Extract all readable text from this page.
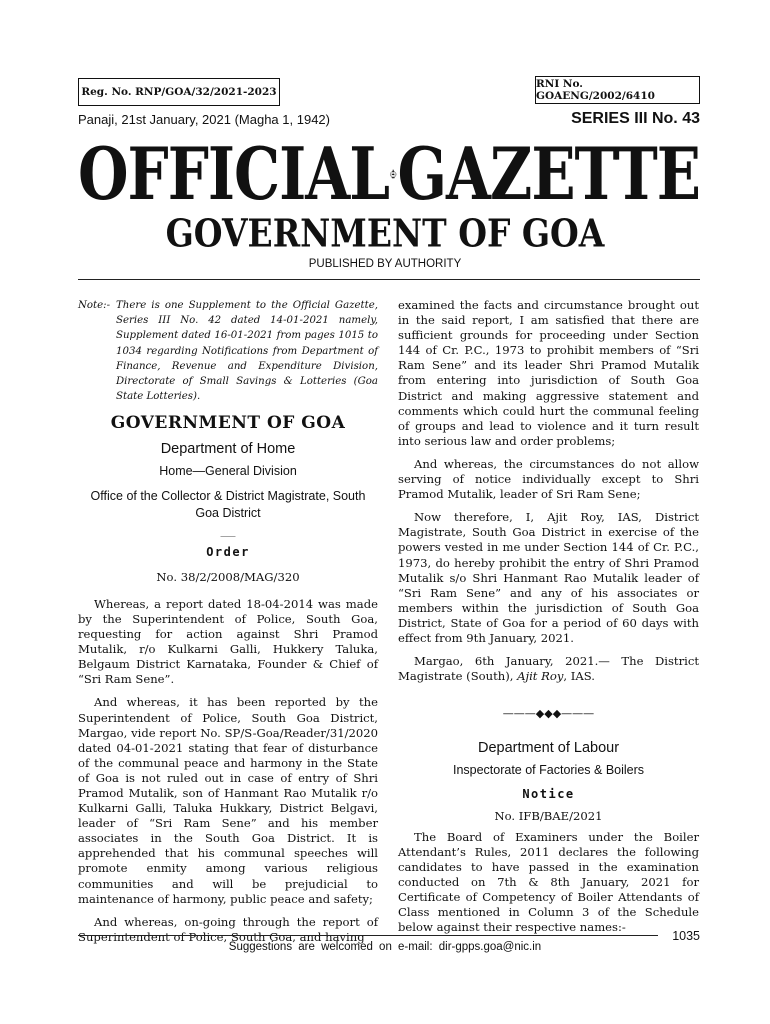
Reg. No. RNP/GOA/32/2021-2023
RNI No. GOAENG/2002/6410
Panaji, 21st January, 2021 (Magha 1, 1942)	SERIES III No. 43
OFFICIAL GAZETTE
GOVERNMENT OF GOA
PUBLISHED BY AUTHORITY
Note:- There is one Supplement to the Official Gazette, Series III No. 42 dated 14-01-2021 namely, Supplement dated 16-01-2021 from pages 1015 to 1034 regarding Notifications from Department of Finance, Revenue and Expenditure Division, Directorate of Small Savings & Lotteries (Goa State Lotteries).
GOVERNMENT OF GOA
Department of Home
Home—General Division
Office of the Collector & District Magistrate, South Goa District
___
Order
No. 38/2/2008/MAG/320

Whereas, a report dated 18-04-2014 was made by the Superintendent of Police, South Goa, requesting for action against Shri Pramod Mutalik, r/o Kulkarni Galli, Hukkery Taluka, Belgaum District Karnataka, Founder & Chief of “Sri Ram Sene”.

And whereas, it has been reported by the Superintendent of Police, South Goa District, Margao, vide report No. SP/S-Goa/Reader/31/2020 dated 04-01-2021 stating that fear of disturbance of the communal peace and harmony in the State of Goa is not ruled out in case of entry of Shri Pramod Mutalik, son of Hanmant Rao Mutalik r/o Kulkarni Galli, Taluka Hukkary, District Belgavi, leader of “Sri Ram Sene” and his member associates in the South Goa District. It is apprehended that his communal speeches will promote enmity among various religious communities and will be prejudicial to maintenance of harmony, public peace and safety;

And whereas, on-going through the report of Superintendent of Police, South Goa, and having

examined the facts and circumstance brought out in the said report, I am satisfied that there are sufficient grounds for proceeding under Section 144 of Cr. P.C., 1973 to prohibit members of “Sri Ram Sene” and its leader Shri Pramod Mutalik from entering into jurisdiction of South Goa District and making aggressive statement and comments which could hurt the communal feeling of groups and lead to violence and it turn result into serious law and order problems;

And whereas, the circumstances do not allow serving of notice individually except to Shri Pramod Mutalik, leader of Sri Ram Sene;

Now therefore, I, Ajit Roy, IAS, District Magistrate, South Goa District in exercise of the powers vested in me under Section 144 of Cr. P.C., 1973, do hereby prohibit the entry of Shri Pramod Mutalik s/o Shri Hanmant Rao Mutalik leader of “Sri Ram Sene” and any of his associates or members within the jurisdiction of South Goa District, State of Goa for a period of 60 days with effect from 9th January, 2021.

Margao, 6th January, 2021.— The District Magistrate (South), Ajit Roy, IAS.

———◆◆◆———
Department of Labour
Inspectorate of Factories & Boilers
Notice
No. IFB/BAE/2021

The Board of Examiners under the Boiler Attendant’s Rules, 2011 declares the following candidates to have passed in the examination conducted on 7th & 8th January, 2021 for Certificate of Competency of Boiler Attendants of Class mentioned in Column 3 of the Schedule below against their respective names:-

1035
Suggestions are welcomed on e-mail: dir-gpps.goa@nic.in
